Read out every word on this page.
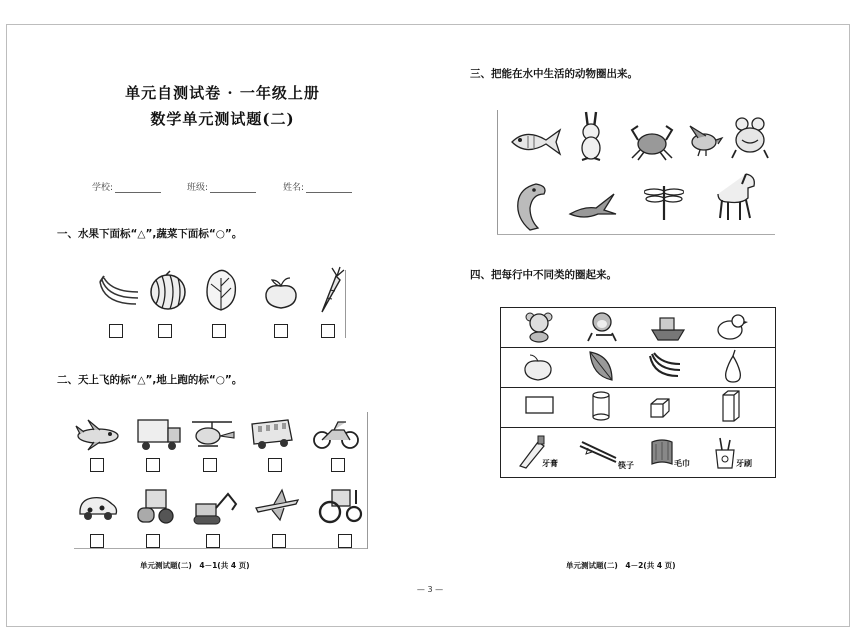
单元自测试卷 · 一年级上册
数学单元测试题(二)
学校:	班级:	姓名:
一、水果下面标“△”,蔬菜下面标“○”。
二、天上飞的标“△”,地上跑的标“○”。
单元测试题(二)　4－1(共 4 页)
三、把能在水中生活的动物圈出来。
四、把每行中不同类的圈起来。
牙膏	筷子	毛巾	牙刷
单元测试题(二)　4－2(共 4 页)
— 3 —
